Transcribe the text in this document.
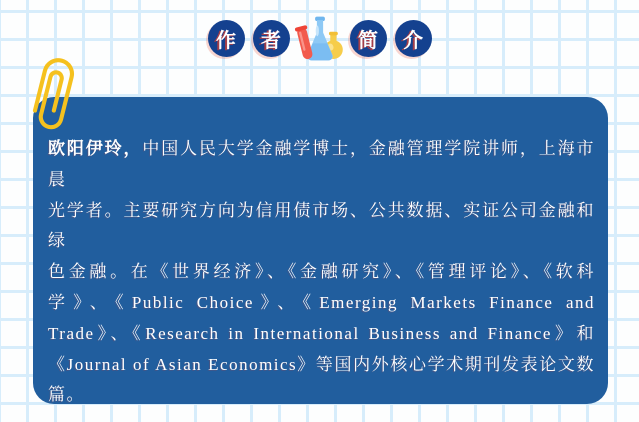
作 者	简 介
欧阳伊玲，中国人民大学金融学博士，金融管理学院讲师，上海市晨
光学者。主要研究方向为信用债市场、公共数据、实证公司金融和绿
色金融。在《世界经济》、《金融研究》、《管理评论》、《软科
学》、《Public Choice》、《Emerging Markets Finance and
Trade》、《Research in International Business and Finance》和
《Journal of Asian Economics》等国内外核心学术期刊发表论文数
篇。
